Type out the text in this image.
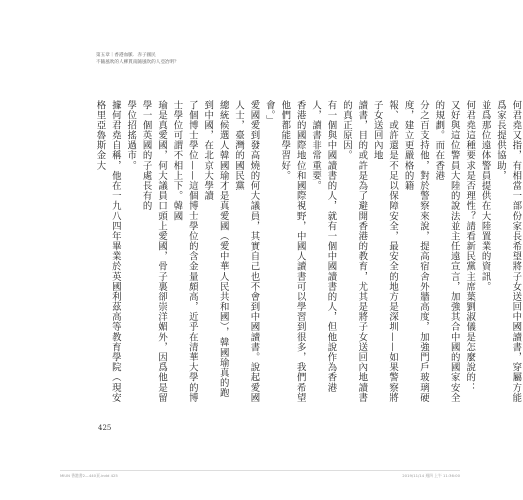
第五章｜香港血脈．赤子國民
不隨風吹的人柳貫南隨風吹的人亞冶明？
何君堯又指，有相當一部份家長希望將子女送回中國讀書，穿屬方能爲家長提供協助，
並爲那位遠体警員提供在大陸置業的資訊。
何君堯這種要求是否理性？請看新民黨主席葉劉淑儀是怎麼說的：
又好與這位警員大陸的說法並主任遠宣言，加強其合中國的國家安全的規劃。而在香港
分之百支持他，對於警察來說，提高宿舍外牆高度，加強門戶玻璃硬度，建立更嚴格的籍
報、或許還是不足以保障安全，最安全的地方是深圳——如果警察將子女送回內地
讀書，目的或許是為了避開香港的教育，尤其是將子女送回內地讀書的真正原因。
有一個與中國讀書的人，就有一個中國讀書的人，但他說作為香港人，讀書非常重要。
香港的國際地位和國際視野，中國人讀書可以學習到很多，我們希望他們都能學習好。
會。」
愛國愛到發高燒的何大議員，其實自己也不會到中國讀書。說起愛國人士，臺灣的國民黨
總統候選人韓國瑜才是真愛國（愛中華人民共和國），韓國瑜真的跑到中國，在北京大學讀
了個博士學位——這個博士學位的含金量頗高，近乎在清華大學的博士學位可謂不相上下。韓國
瑜是真愛國，何大議員口頭上愛國，骨子裏卻崇洋媚外，因爲他是留學一個英國的子處長有的
學位招搖過市。
據何君堯自稱，他在一九八四年畢業於英國利茲高等教育學院（現安格里亞魯斯金大
425
MIUN 香港書2—440頁.indd 425	2019/11/14 週四 上午 11:36:00
